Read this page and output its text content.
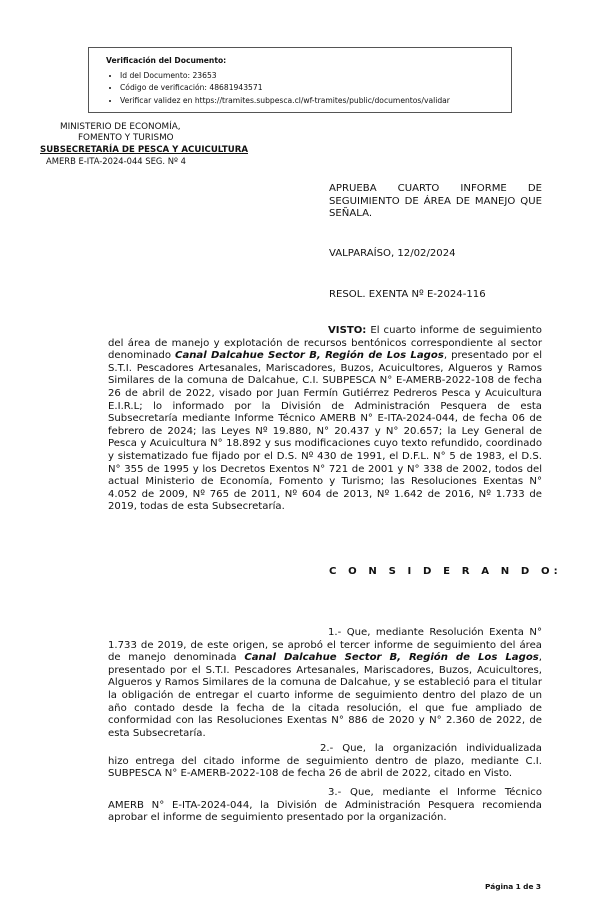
Verificación del Documento:
• Id del Documento: 23653
• Código de verificación: 48681943571
• Verificar validez en https://tramites.subpesca.cl/wf-tramites/public/documentos/validar
MINISTERIO DE ECONOMÍA,
FOMENTO Y TURISMO
SUBSECRETARÍA DE PESCA Y ACUICULTURA
AMERB E-ITA-2024-044 SEG. Nº 4
APRUEBA CUARTO INFORME DE SEGUIMIENTO DE ÁREA DE MANEJO QUE SEÑALA.
VALPARAÍSO, 12/02/2024
RESOL. EXENTA Nº E-2024-116
VISTO: El cuarto informe de seguimiento del área de manejo y explotación de recursos bentónicos correspondiente al sector denominado Canal Dalcahue Sector B, Región de Los Lagos, presentado por el S.T.I. Pescadores Artesanales, Mariscadores, Buzos, Acuicultores, Algueros y Ramos Similares de la comuna de Dalcahue, C.I. SUBPESCA N° E-AMERB-2022-108 de fecha 26 de abril de 2022, visado por Juan Fermín Gutiérrez Pedreros Pesca y Acuicultura E.I.R.L; lo informado por la División de Administración Pesquera de esta Subsecretaría mediante Informe Técnico AMERB N° E-ITA-2024-044, de fecha 06 de febrero de 2024; las Leyes Nº 19.880, N° 20.437 y N° 20.657; la Ley General de Pesca y Acuicultura N° 18.892 y sus modificaciones cuyo texto refundido, coordinado y sistematizado fue fijado por el D.S. Nº 430 de 1991, el D.F.L. N° 5 de 1983, el D.S. N° 355 de 1995 y los Decretos Exentos N° 721 de 2001 y N° 338 de 2002, todos del actual Ministerio de Economía, Fomento y Turismo; las Resoluciones Exentas N° 4.052 de 2009, Nº 765 de 2011, Nº 604 de 2013, Nº 1.642 de 2016, Nº 1.733 de 2019, todas de esta Subsecretaría.
C O N S I D E R A N D O:
1.- Que, mediante Resolución Exenta N° 1.733 de 2019, de este origen, se aprobó el tercer informe de seguimiento del área de manejo denominada Canal Dalcahue Sector B, Región de Los Lagos, presentado por el S.T.I. Pescadores Artesanales, Mariscadores, Buzos, Acuicultores, Algueros y Ramos Similares de la comuna de Dalcahue, y se estableció para el titular la obligación de entregar el cuarto informe de seguimiento dentro del plazo de un año contado desde la fecha de la citada resolución, el que fue ampliado de conformidad con las Resoluciones Exentas N° 886 de 2020 y N° 2.360 de 2022, de esta Subsecretaría.
2.- Que, la organización individualizada hizo entrega del citado informe de seguimiento dentro de plazo, mediante C.I. SUBPESCA N° E-AMERB-2022-108 de fecha 26 de abril de 2022, citado en Visto.
3.- Que, mediante el Informe Técnico AMERB N° E-ITA-2024-044, la División de Administración Pesquera recomienda aprobar el informe de seguimiento presentado por la organización.
Página 1 de 3
